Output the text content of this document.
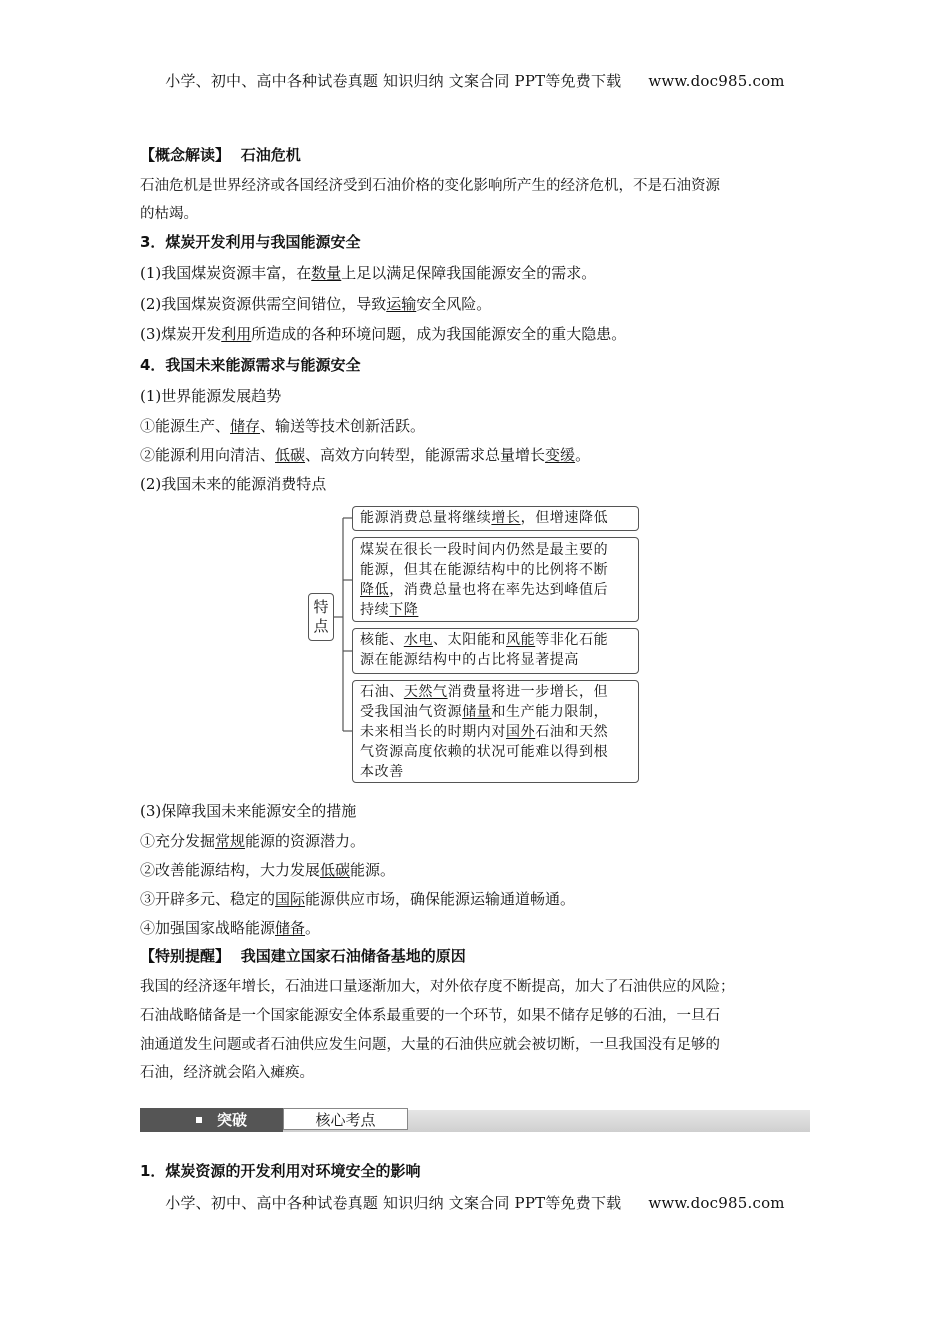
小学、初中、高中各种试卷真题 知识归纳 文案合同 PPT等免费下载 www.doc985.com
【概念解读】 石油危机
石油危机是世界经济或各国经济受到石油价格的变化影响所产生的经济危机，不是石油资源
的枯竭。
3．煤炭开发利用与我国能源安全
(1)我国煤炭资源丰富，在数量上足以满足保障我国能源安全的需求。
(2)我国煤炭资源供需空间错位，导致运输安全风险。
(3)煤炭开发利用所造成的各种环境问题，成为我国能源安全的重大隐患。
4．我国未来能源需求与能源安全
(1)世界能源发展趋势
①能源生产、储存、输送等技术创新活跃。
②能源利用向清洁、低碳、高效方向转型，能源需求总量增长变缓。
(2)我国未来的能源消费特点
特
点
能源消费总量将继续增长，但增速降低
煤炭在很长一段时间内仍然是最主要的
能源，但其在能源结构中的比例将不断
降低，消费总量也将在率先达到峰值后
持续下降
核能、水电、太阳能和风能等非化石能
源在能源结构中的占比将显著提高
石油、天然气消费量将进一步增长，但
受我国油气资源储量和生产能力限制，
未来相当长的时期内对国外石油和天然
气资源高度依赖的状况可能难以得到根
本改善
(3)保障我国未来能源安全的措施
①充分发掘常规能源的资源潜力。
②改善能源结构，大力发展低碳能源。
③开辟多元、稳定的国际能源供应市场，确保能源运输通道畅通。
④加强国家战略能源储备。
【特别提醒】 我国建立国家石油储备基地的原因
我国的经济逐年增长，石油进口量逐渐加大，对外依存度不断提高，加大了石油供应的风险；
石油战略储备是一个国家能源安全体系最重要的一个环节，如果不储存足够的石油，一旦石
油通道发生问题或者石油供应发生问题，大量的石油供应就会被切断，一旦我国没有足够的
石油，经济就会陷入瘫痪。
突破	核心考点
1．煤炭资源的开发利用对环境安全的影响
小学、初中、高中各种试卷真题 知识归纳 文案合同 PPT等免费下载 www.doc985.com
